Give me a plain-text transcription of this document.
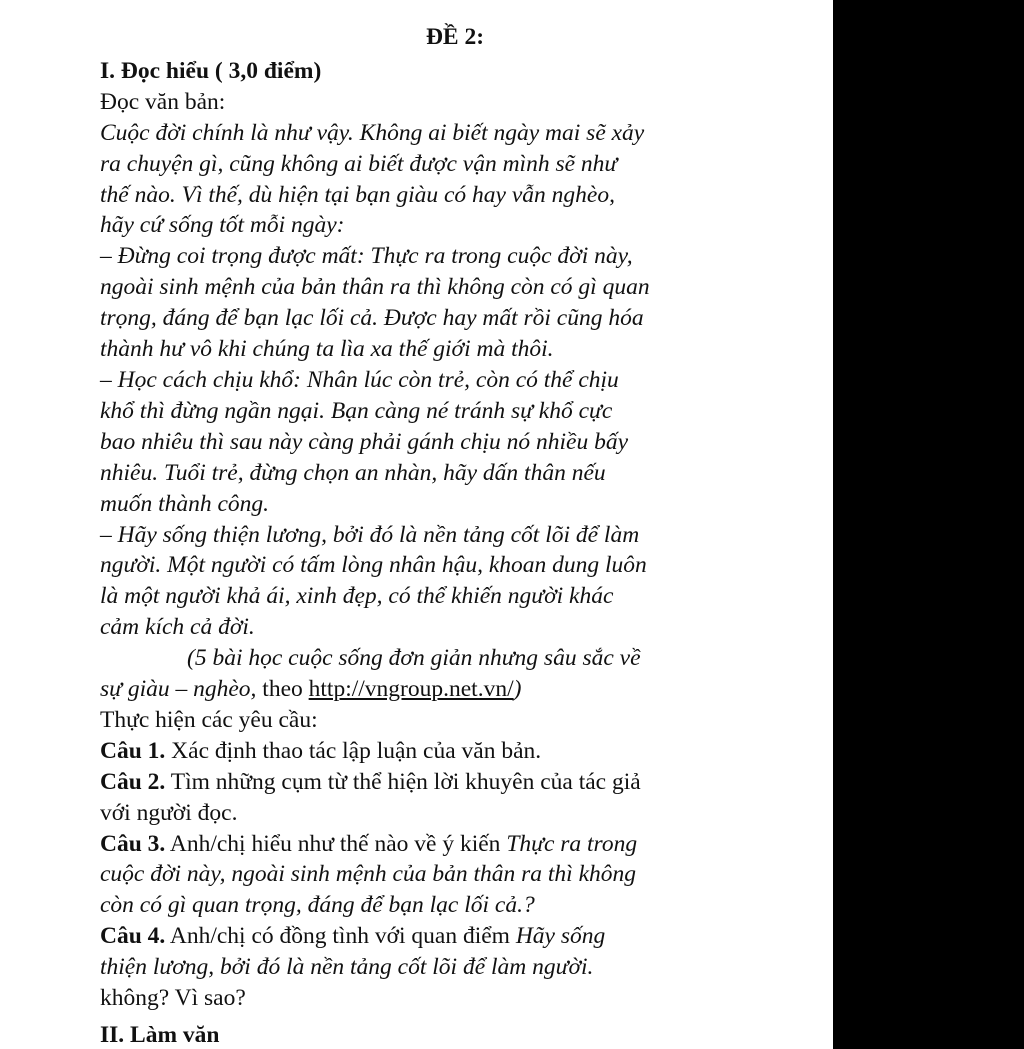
ĐỀ 2:
I. Đọc hiểu ( 3,0 điểm)
Đọc văn bản:
Cuộc đời chính là như vậy. Không ai biết ngày mai sẽ xảy
ra chuyện gì, cũng không ai biết được vận mình sẽ như
thế nào. Vì thế, dù hiện tại bạn giàu có hay vẫn nghèo,
hãy cứ sống tốt mỗi ngày:
– Đừng coi trọng được mất: Thực ra trong cuộc đời này,
ngoài sinh mệnh của bản thân ra thì không còn có gì quan
trọng, đáng để bạn lạc lối cả. Được hay mất rồi cũng hóa
thành hư vô khi chúng ta lìa xa thế giới mà thôi.
– Học cách chịu khổ: Nhân lúc còn trẻ, còn có thể chịu
khổ thì đừng ngần ngại. Bạn càng né tránh sự khổ cực
bao nhiêu thì sau này càng phải gánh chịu nó nhiều bấy
nhiêu. Tuổi trẻ, đừng chọn an nhàn, hãy dấn thân nếu
muốn thành công.
– Hãy sống thiện lương, bởi đó là nền tảng cốt lõi để làm
người. Một người có tấm lòng nhân hậu, khoan dung luôn
là một người khả ái, xinh đẹp, có thể khiến người khác
cảm kích cả đời.
(5 bài học cuộc sống đơn giản nhưng sâu sắc về
sự giàu – nghèo, theo http://vngroup.net.vn/)
Thực hiện các yêu cầu:
Câu 1. Xác định thao tác lập luận của văn bản.
Câu 2. Tìm những cụm từ thể hiện lời khuyên của tác giả
với người đọc.
Câu 3. Anh/chị hiểu như thế nào về ý kiến Thực ra trong
cuộc đời này, ngoài sinh mệnh của bản thân ra thì không
còn có gì quan trọng, đáng để bạn lạc lối cả.?
Câu 4. Anh/chị có đồng tình với quan điểm Hãy sống
thiện lương, bởi đó là nền tảng cốt lõi để làm người.
không? Vì sao?
II. Làm văn
